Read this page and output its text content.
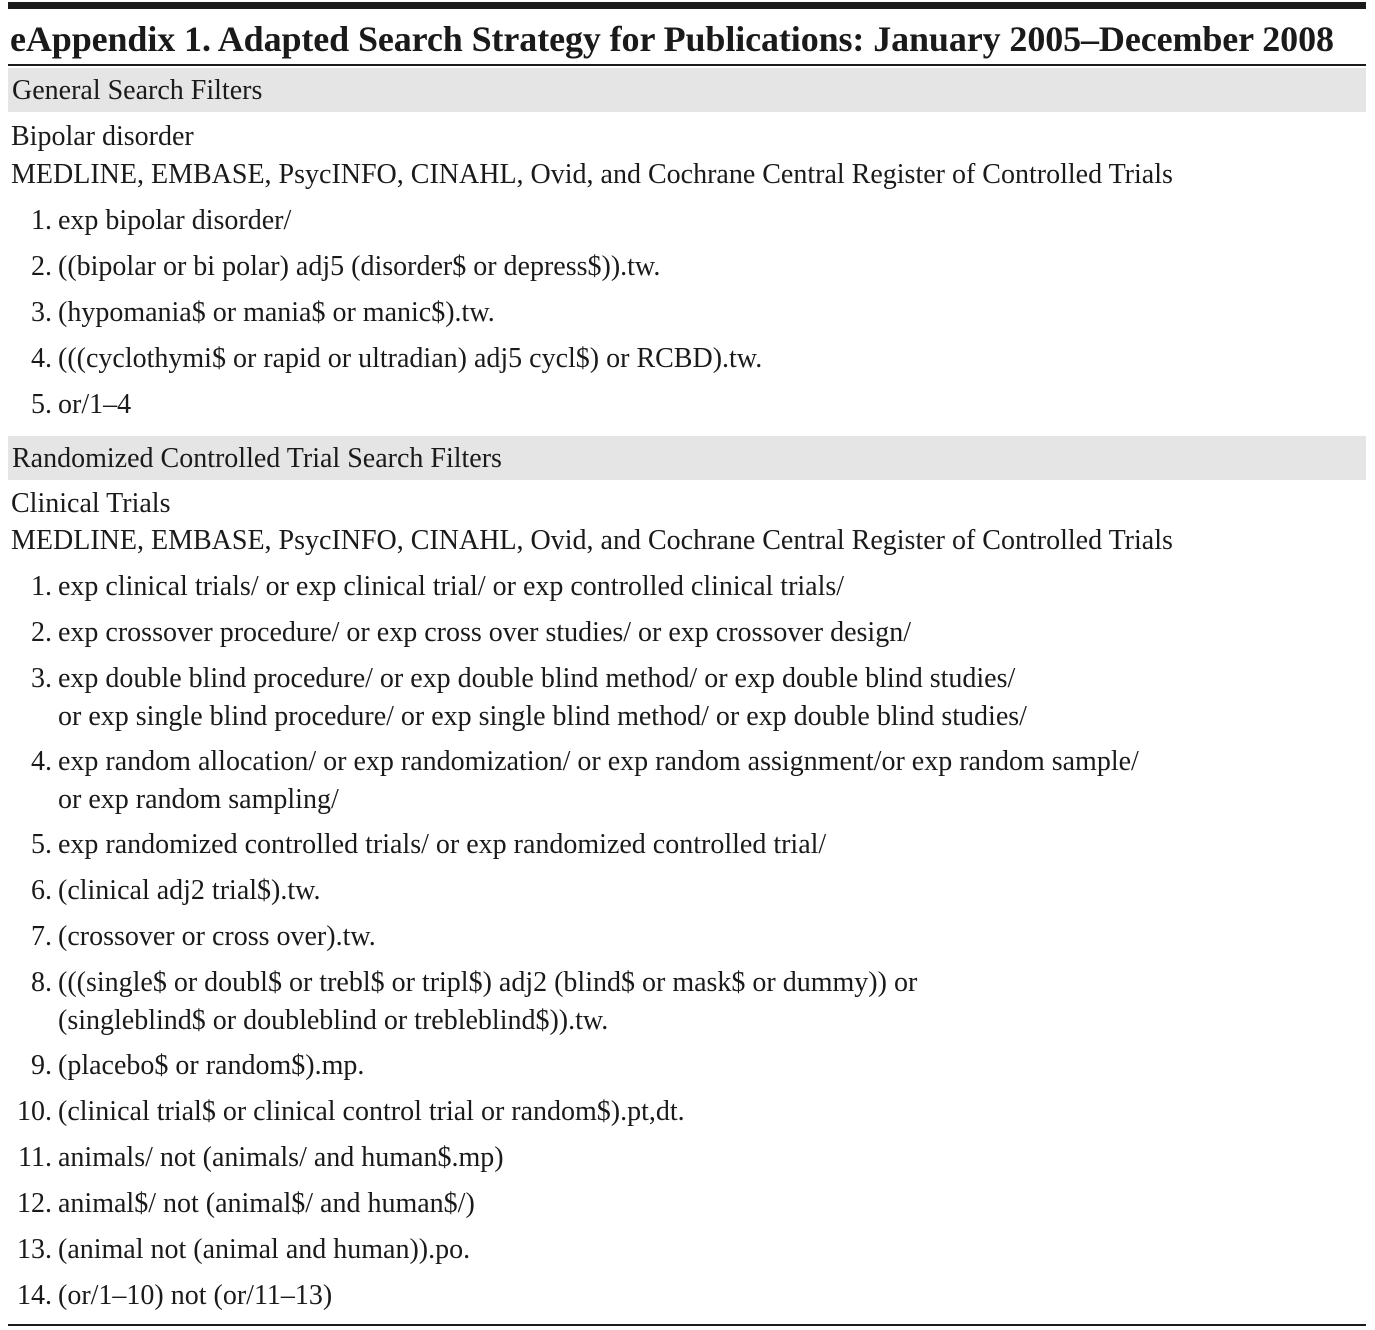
eAppendix 1. Adapted Search Strategy for Publications: January 2005–December 2008
General Search Filters
Bipolar disorder
MEDLINE, EMBASE, PsycINFO, CINAHL, Ovid, and Cochrane Central Register of Controlled Trials
1. exp bipolar disorder/
2. ((bipolar or bi polar) adj5 (disorder$ or depress$)).tw.
3. (hypomania$ or mania$ or manic$).tw.
4. (((cyclothymi$ or rapid or ultradian) adj5 cycl$) or RCBD).tw.
5. or/1–4
Randomized Controlled Trial Search Filters
Clinical Trials
MEDLINE, EMBASE, PsycINFO, CINAHL, Ovid, and Cochrane Central Register of Controlled Trials
1. exp clinical trials/ or exp clinical trial/ or exp controlled clinical trials/
2. exp crossover procedure/ or exp cross over studies/ or exp crossover design/
3. exp double blind procedure/ or exp double blind method/ or exp double blind studies/
or exp single blind procedure/ or exp single blind method/ or exp double blind studies/
4. exp random allocation/ or exp randomization/ or exp random assignment/or exp random sample/
or exp random sampling/
5. exp randomized controlled trials/ or exp randomized controlled trial/
6. (clinical adj2 trial$).tw.
7. (crossover or cross over).tw.
8. (((single$ or doubl$ or trebl$ or tripl$) adj2 (blind$ or mask$ or dummy)) or
(singleblind$ or doubleblind or trebleblind$)).tw.
9. (placebo$ or random$).mp.
10. (clinical trial$ or clinical control trial or random$).pt,dt.
11. animals/ not (animals/ and human$.mp)
12. animal$/ not (animal$/ and human$/)
13. (animal not (animal and human)).po.
14. (or/1–10) not (or/11–13)
